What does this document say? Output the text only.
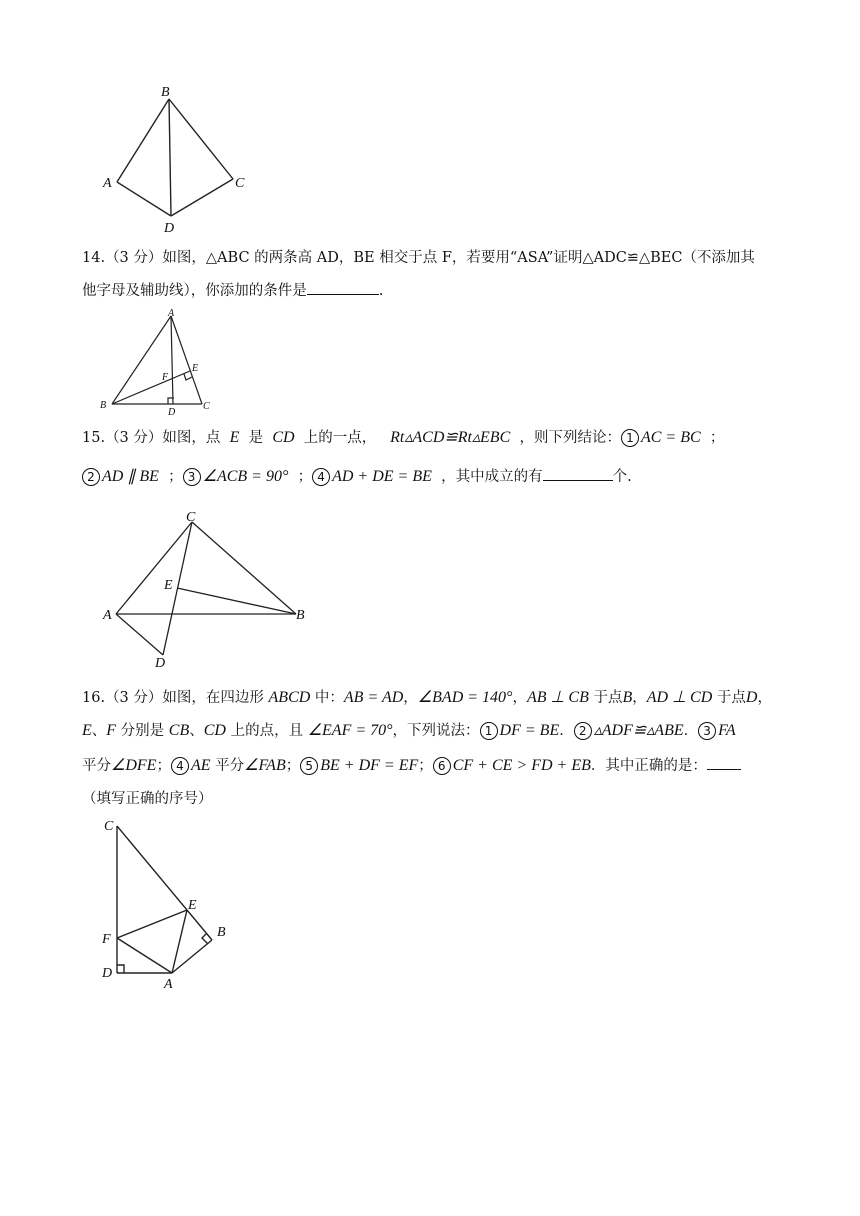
B
A	C
D
14.（3 分）如图，△ABC 的两条高 AD，BE 相交于点 F，若要用“ASA”证明△ADC≌△BEC（不添加其
他字母及辅助线），你添加的条件是	.
A
B	C
D
E
F
15.（3 分）如图，点 E 是 CD 上的一点， Rt▵ACD≌Rt▵EBC ，则下列结论： 1 AC = BC ；
2 AD ∥ BE ； 3 ∠ACB = 90° ； 4 AD + DE = BE ，其中成立的有	个.
C
A	B
E
D
16.（3 分）如图，在四边形 ABCD 中：AB = AD，∠BAD = 140°，AB ⊥ CB 于点B，AD ⊥ CD 于点D，
E、F 分别是 CB、CD 上的点，且 ∠EAF = 70°，下列说法： 1 DF = BE． 2 ▵ADF≌▵ABE． 3 FA
平分∠DFE； 4 AE 平分∠FAB； 5 BE + DF = EF； 6 CF + CE > FD + EB．其中正确的是：
（填写正确的序号）
C
E
B
F
D
A
